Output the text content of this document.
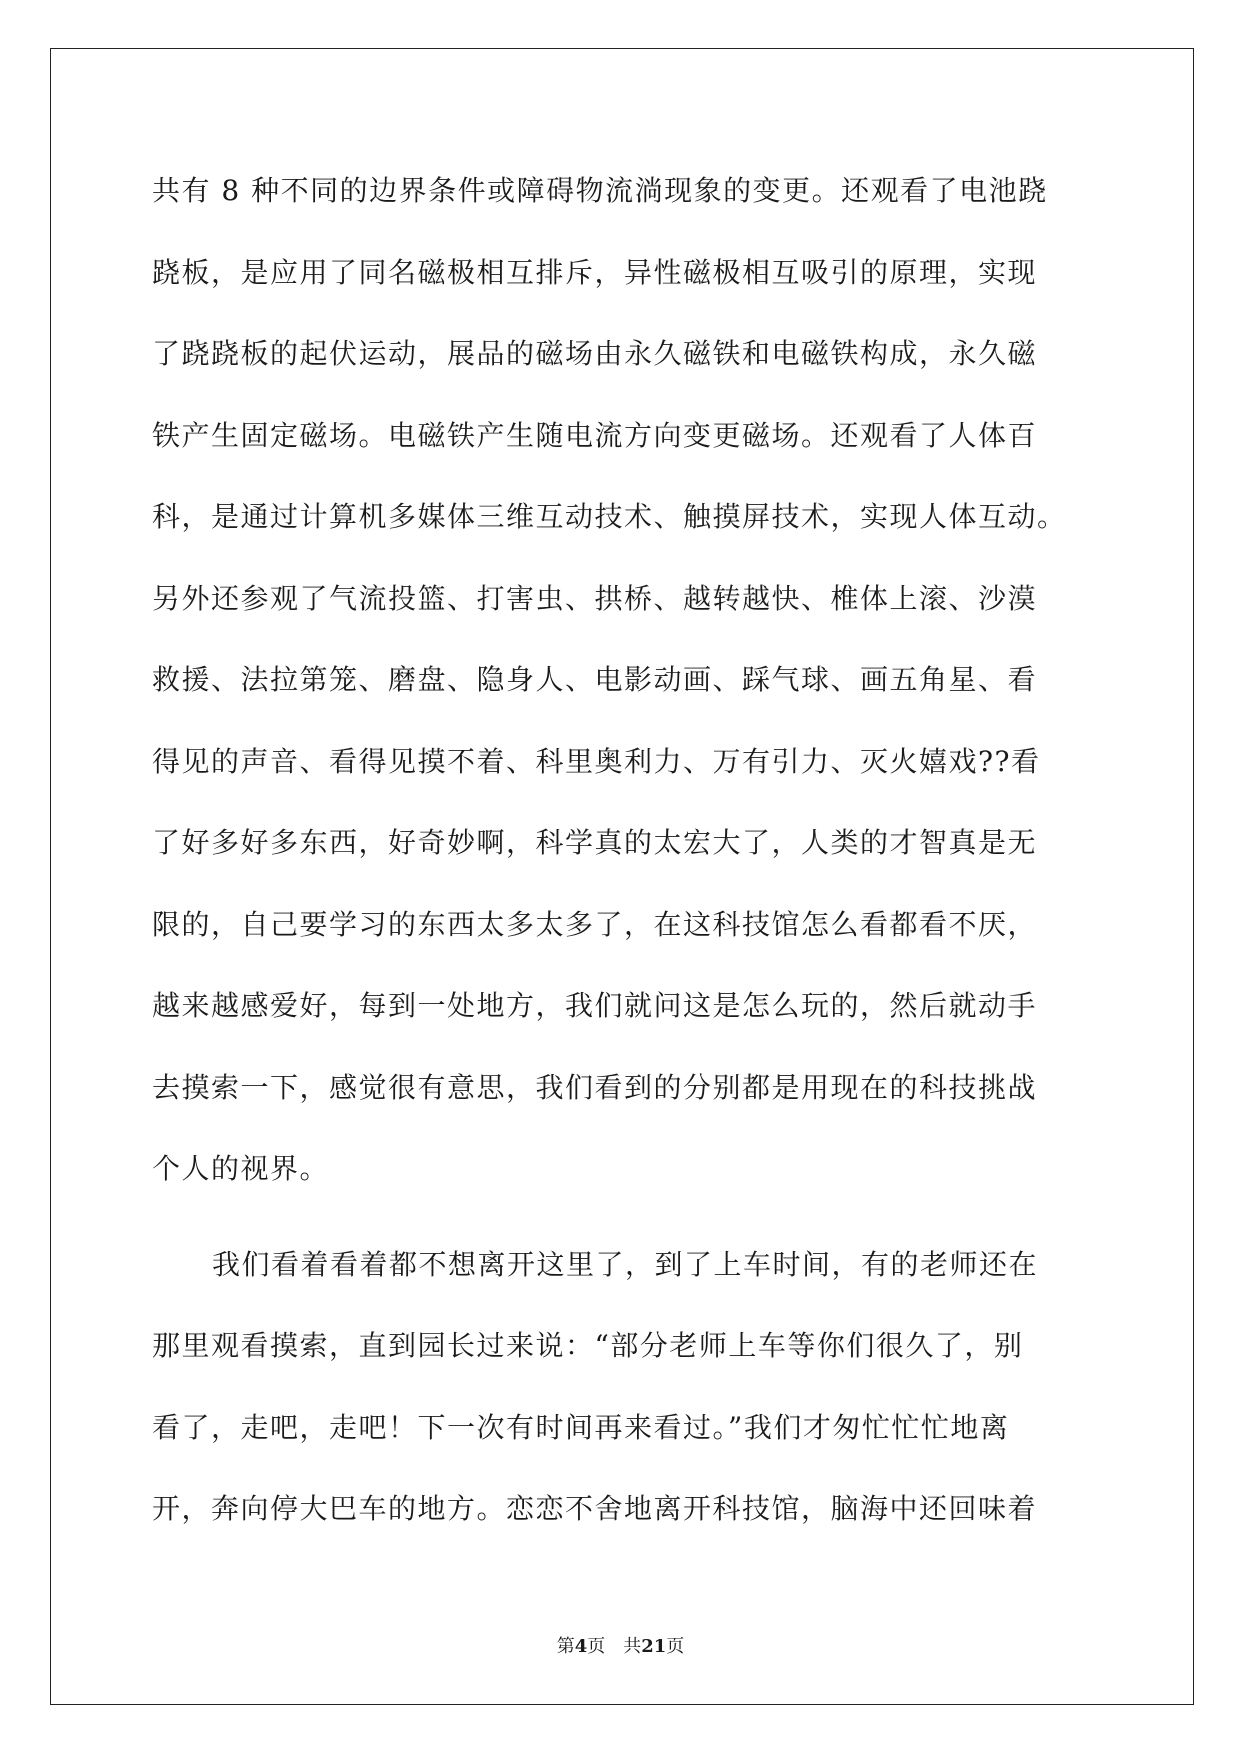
共有 8 种不同的边界条件或障碍物流淌现象的变更。还观看了电池跷
跷板，是应用了同名磁极相互排斥，异性磁极相互吸引的原理，实现
了跷跷板的起伏运动，展品的磁场由永久磁铁和电磁铁构成，永久磁
铁产生固定磁场。电磁铁产生随电流方向变更磁场。还观看了人体百
科，是通过计算机多媒体三维互动技术、触摸屏技术，实现人体互动。
另外还参观了气流投篮、打害虫、拱桥、越转越快、椎体上滚、沙漠
救援、法拉第笼、磨盘、隐身人、电影动画、踩气球、画五角星、看
得见的声音、看得见摸不着、科里奥利力、万有引力、灭火嬉戏??看
了好多好多东西，好奇妙啊，科学真的太宏大了，人类的才智真是无
限的，自己要学习的东西太多太多了，在这科技馆怎么看都看不厌，
越来越感爱好，每到一处地方，我们就问这是怎么玩的，然后就动手
去摸索一下，感觉很有意思，我们看到的分别都是用现在的科技挑战
个人的视界。
我们看着看着都不想离开这里了，到了上车时间，有的老师还在
那里观看摸索，直到园长过来说：“部分老师上车等你们很久了，别
看了，走吧，走吧！下一次有时间再来看过。”我们才匆忙忙忙地离
开，奔向停大巴车的地方。恋恋不舍地离开科技馆，脑海中还回味着
第4页 共21页
